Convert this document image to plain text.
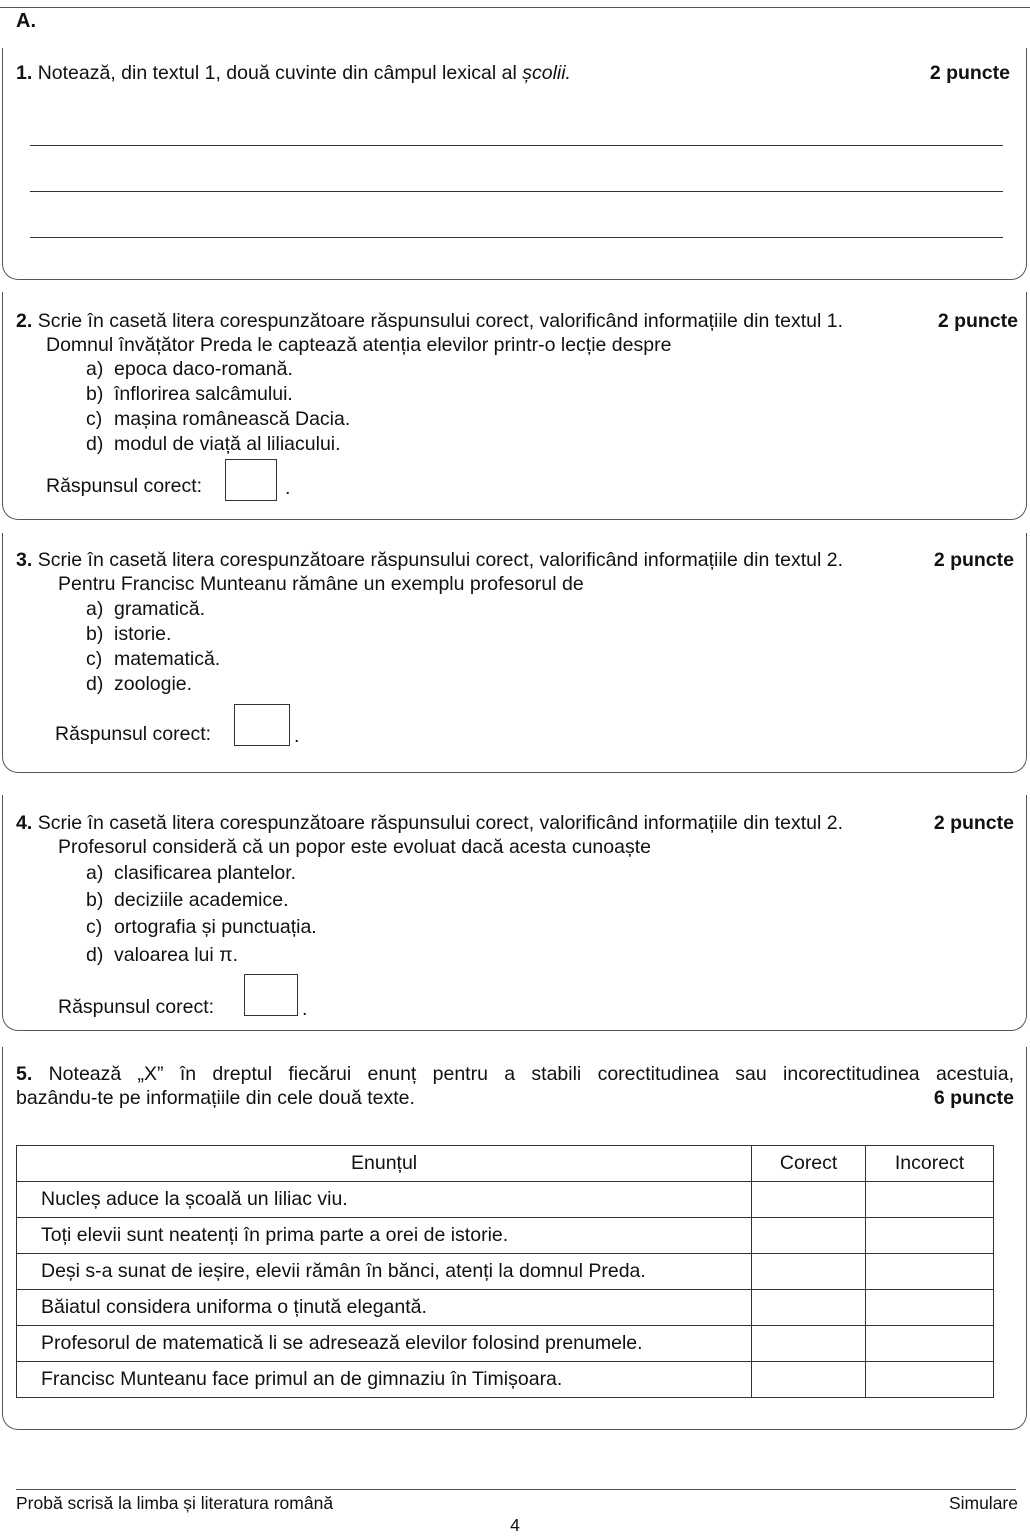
A.
1. Notează, din textul 1, două cuvinte din câmpul lexical al școlii.	2 puncte
2. Scrie în casetă litera corespunzătoare răspunsului corect, valorificând informațiile din textul 1.	2 puncte
Domnul învățător Preda le captează atenția elevilor printr-o lecție despre
a) epoca daco-romană.
b) înflorirea salcâmului.
c) mașina românească Dacia.
d) modul de viață al liliacului.
Răspunsul corect:	.
3. Scrie în casetă litera corespunzătoare răspunsului corect, valorificând informațiile din textul 2.	2 puncte
Pentru Francisc Munteanu rămâne un exemplu profesorul de
a) gramatică.
b) istorie.
c) matematică.
d) zoologie.
Răspunsul corect:	.
4. Scrie în casetă litera corespunzătoare răspunsului corect, valorificând informațiile din textul 2.	2 puncte
Profesorul consideră că un popor este evoluat dacă acesta cunoaște
a) clasificarea plantelor.
b) deciziile academice.
c) ortografia și punctuația.
d) valoarea lui π.
Răspunsul corect:	.
5. Notează „X” în dreptul fiecărui enunț pentru a stabili corectitudinea sau incorectitudinea acestuia,
bazându-te pe informațiile din cele două texte.	6 puncte
Enunțul	Corect	Incorect
Nucleș aduce la școală un liliac viu.		
Toți elevii sunt neatenți în prima parte a orei de istorie.		
Deși s-a sunat de ieșire, elevii rămân în bănci, atenți la domnul Preda.		
Băiatul considera uniforma o ținută elegantă.		
Profesorul de matematică li se adresează elevilor folosind prenumele.		
Francisc Munteanu face primul an de gimnaziu în Timișoara.		
Probă scrisă la limba și literatura română	Simulare
4
